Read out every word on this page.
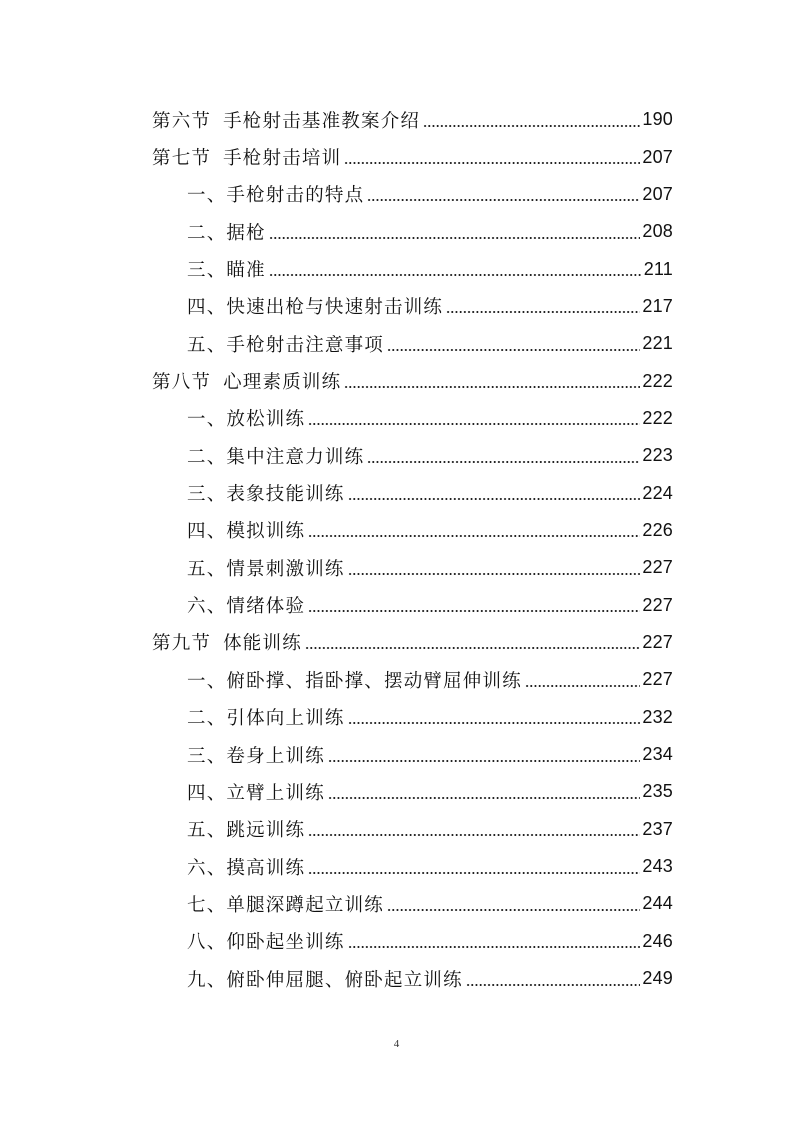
第六节 手枪射击基准教案介绍	190
第七节 手枪射击培训	207
一、手枪射击的特点	207
二、据枪	208
三、瞄准	211
四、快速出枪与快速射击训练	217
五、手枪射击注意事项	221
第八节 心理素质训练	222
一、放松训练	222
二、集中注意力训练	223
三、表象技能训练	224
四、模拟训练	226
五、情景刺激训练	227
六、情绪体验	227
第九节 体能训练	227
一、俯卧撑、指卧撑、摆动臂屈伸训练	227
二、引体向上训练	232
三、卷身上训练	234
四、立臂上训练	235
五、跳远训练	237
六、摸高训练	243
七、单腿深蹲起立训练	244
八、仰卧起坐训练	246
九、俯卧伸屈腿、俯卧起立训练	249
4
